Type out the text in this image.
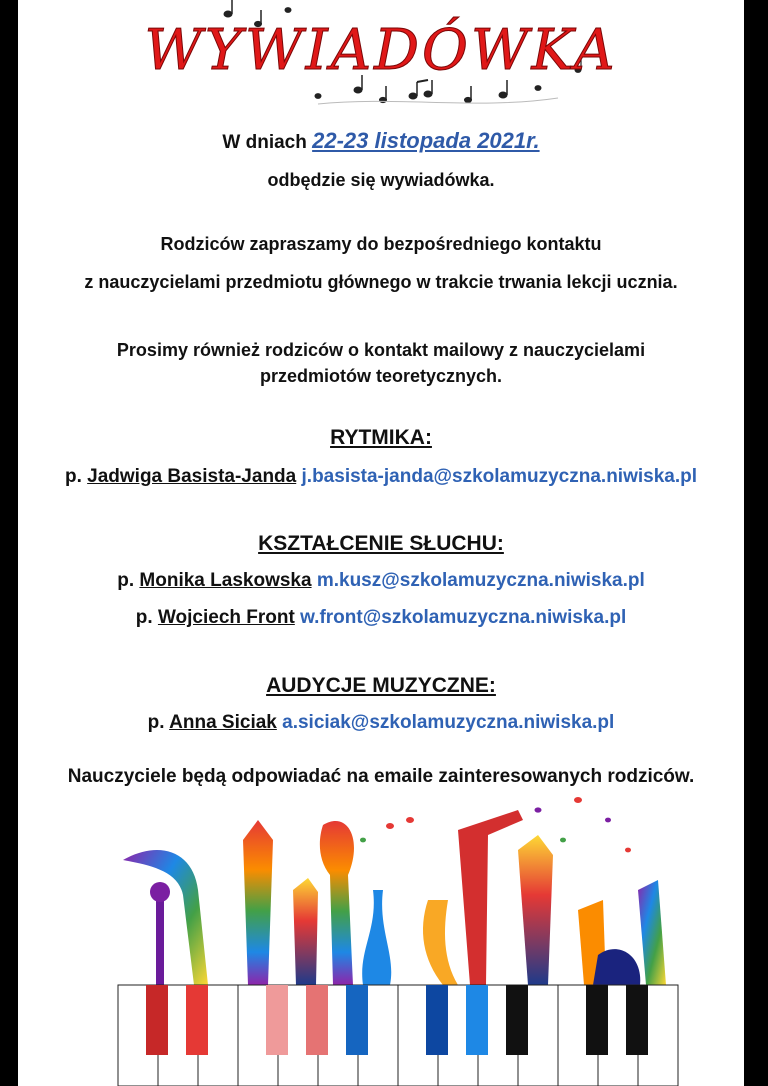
WYWIADÓWKA
W dniach 22-23 listopada 2021r.
odbędzie się wywiadówka.
Rodziców zapraszamy do bezpośredniego kontaktu
z nauczycielami przedmiotu głównego w trakcie trwania lekcji ucznia.
Prosimy również rodziców o kontakt mailowy z nauczycielami
przedmiotów teoretycznych.
RYTMIKA:
p. Jadwiga Basista-Janda j.basista-janda@szkolamuzyczna.niwiska.pl
KSZTAŁCENIE SŁUCHU:
p. Monika Laskowska m.kusz@szkolamuzyczna.niwiska.pl
p. Wojciech Front w.front@szkolamuzyczna.niwiska.pl
AUDYCJE MUZYCZNE:
p. Anna Siciak a.siciak@szkolamuzyczna.niwiska.pl
Nauczyciele będą odpowiadać na emaile zainteresowanych rodziców.
